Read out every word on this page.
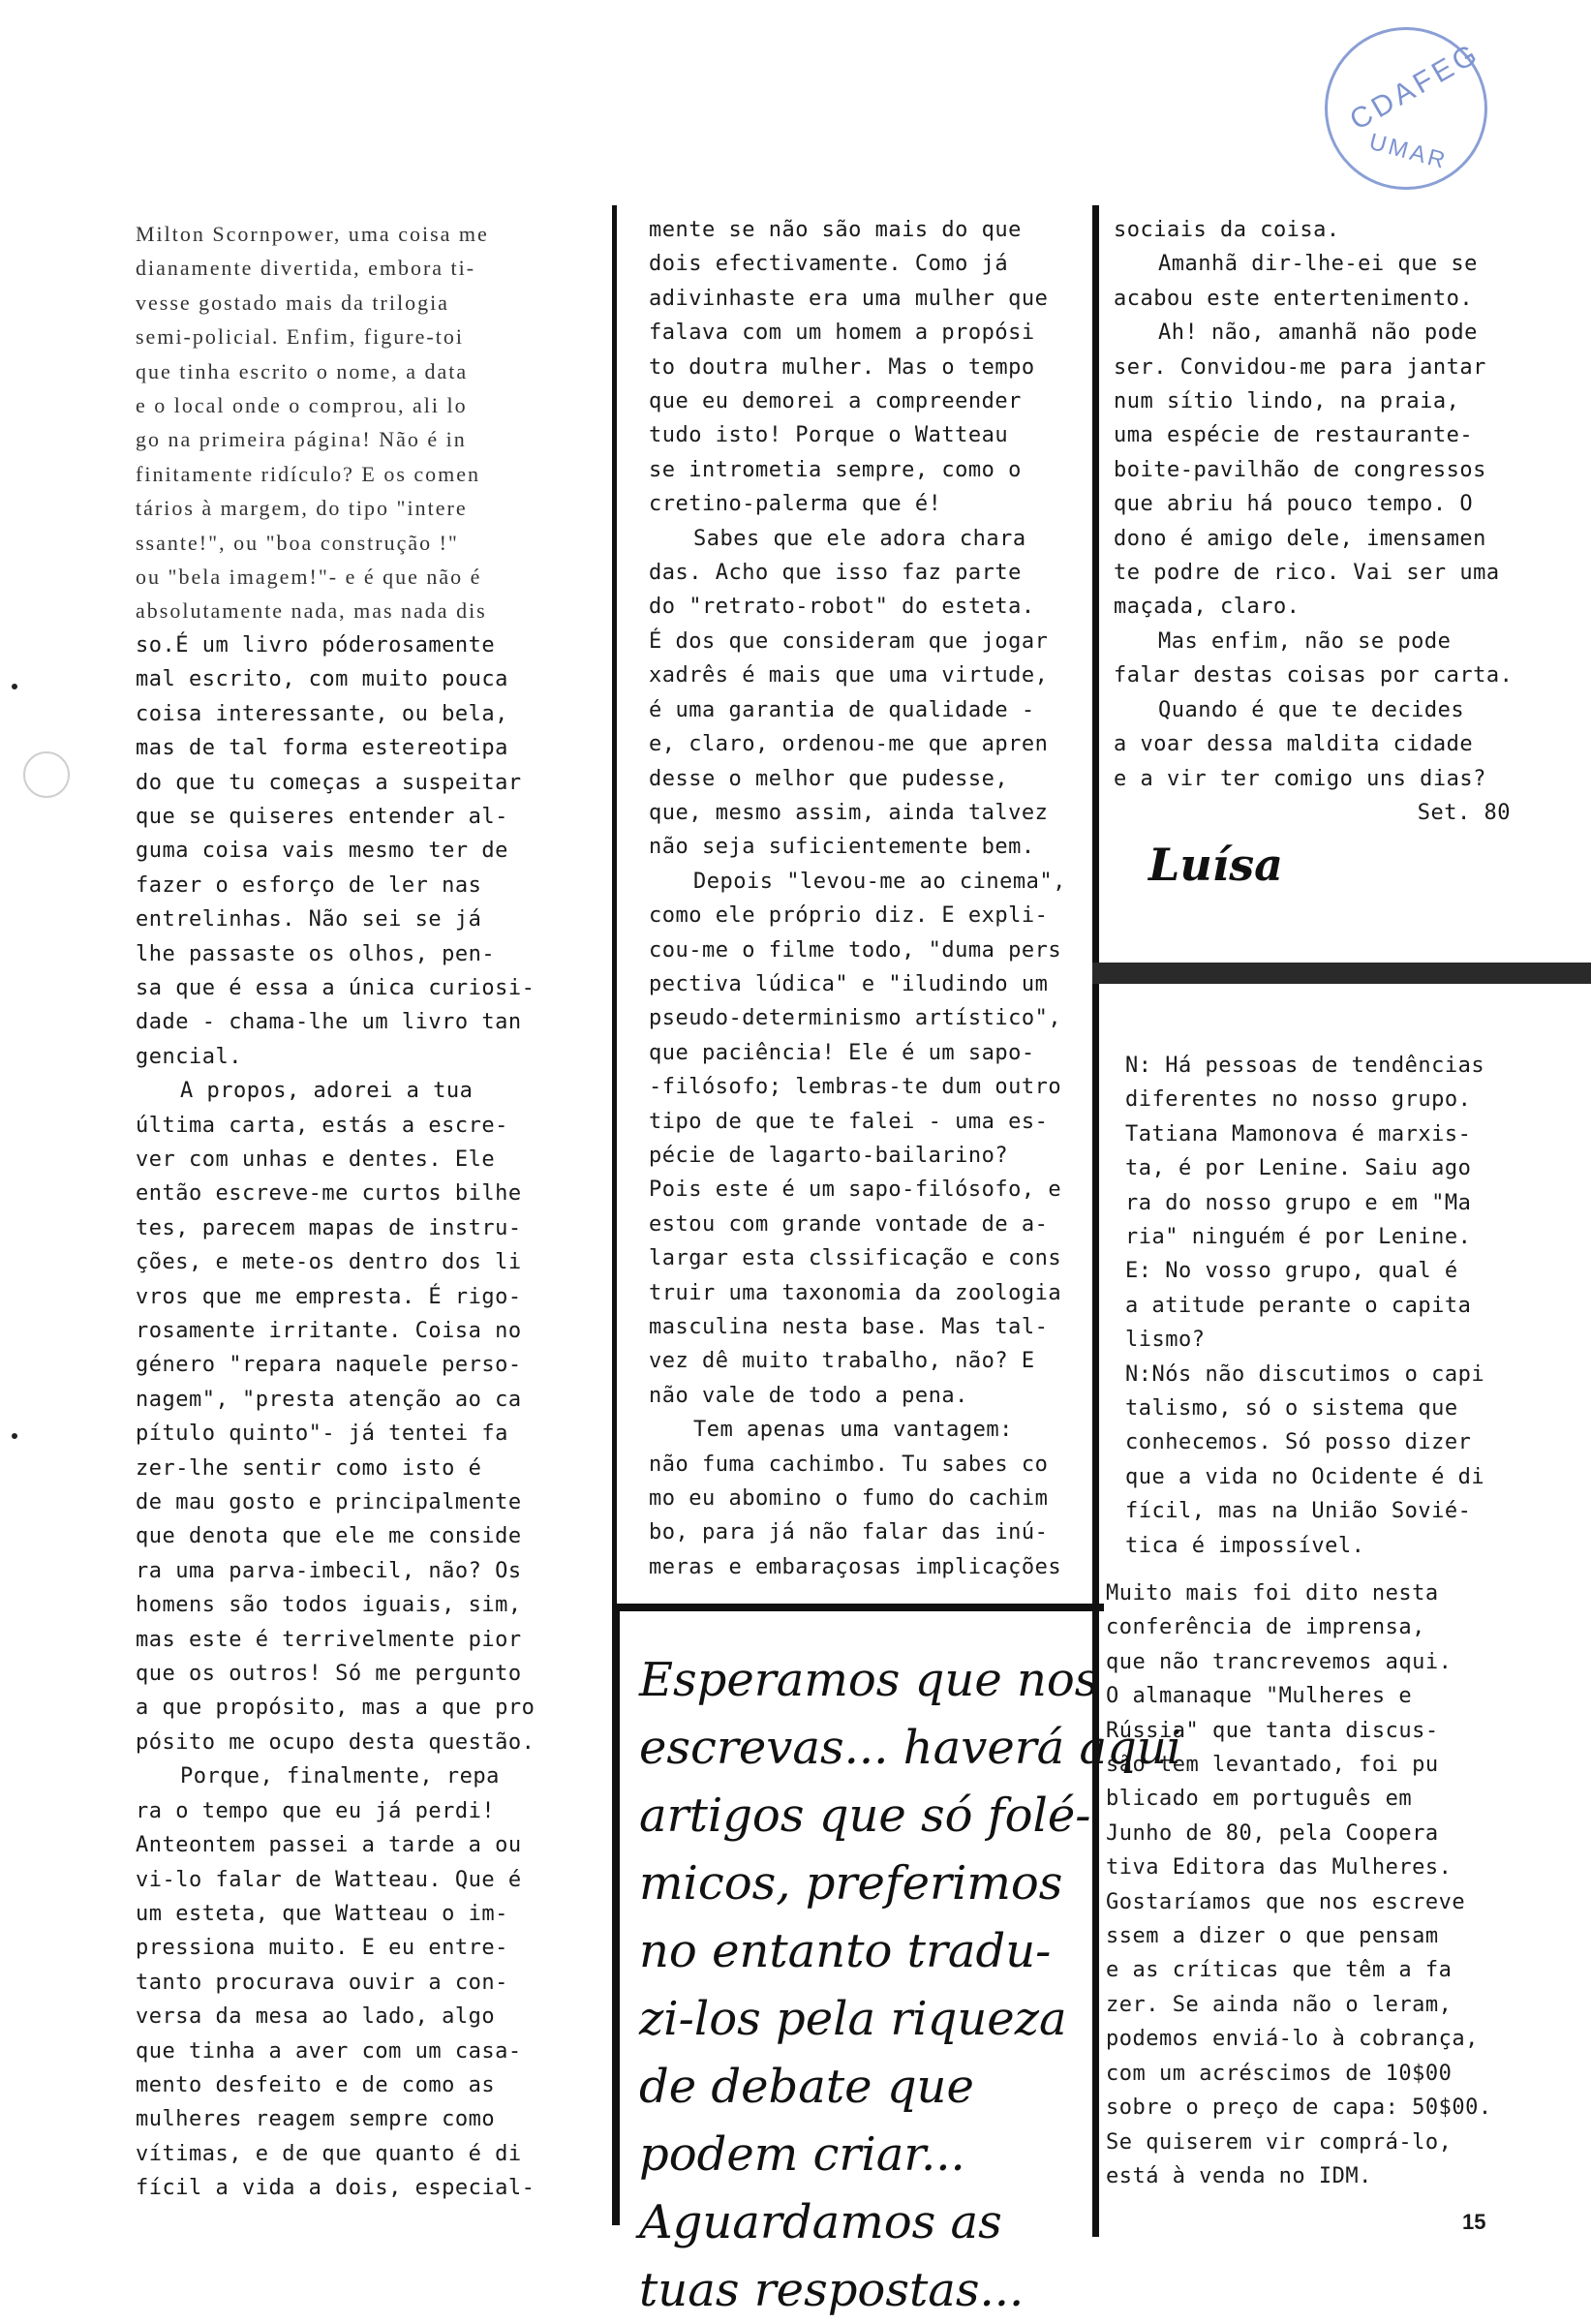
CDAFEG
UMAR
Milton Scornpower, uma coisa me
dianamente divertida, embora ti-
vesse gostado mais da trilogia
semi-policial. Enfim, figure-toi
que tinha escrito o nome, a data
e o local onde o comprou, ali lo
go na primeira página! Não é in
finitamente ridículo? E os comen
tários à margem, do tipo "intere
ssante!", ou "boa construção !"
ou "bela imagem!"- e é que não é
absolutamente nada, mas nada dis
so.É um livro póderosamente
mal escrito, com muito pouca
coisa interessante, ou bela,
mas de tal forma estereotipa
do que tu começas a suspeitar
que se quiseres entender al-
guma coisa vais mesmo ter de
fazer o esforço de ler nas
entrelinhas. Não sei se já
lhe passaste os olhos, pen-
sa que é essa a única curiosi-
dade - chama-lhe um livro tan
gencial.
A propos, adorei a tua
última carta, estás a escre-
ver com unhas e dentes. Ele
então escreve-me curtos bilhe
tes, parecem mapas de instru-
ções, e mete-os dentro dos li
vros que me empresta. É rigo-
rosamente irritante. Coisa no
género "repara naquele perso-
nagem", "presta atenção ao ca
pítulo quinto"- já tentei fa
zer-lhe sentir como isto é
de mau gosto e principalmente
que denota que ele me conside
ra uma parva-imbecil, não? Os
homens são todos iguais, sim,
mas este é terrivelmente pior
que os outros! Só me pergunto
a que propósito, mas a que pro
pósito me ocupo desta questão.
Porque, finalmente, repa
ra o tempo que eu já perdi!
Anteontem passei a tarde a ou
vi-lo falar de Watteau. Que é
um esteta, que Watteau o im-
pressiona muito. E eu entre-
tanto procurava ouvir a con-
versa da mesa ao lado, algo
que tinha a aver com um casa-
mento desfeito e de como as
mulheres reagem sempre como
vítimas, e de que quanto é di
fícil a vida a dois, especial-
mente se não são mais do que
dois efectivamente. Como já
adivinhaste era uma mulher que
falava com um homem a propósi
to doutra mulher. Mas o tempo
que eu demorei a compreender
tudo isto! Porque o Watteau
se intrometia sempre, como o
cretino-palerma que é!
Sabes que ele adora chara
das. Acho que isso faz parte
do "retrato-robot" do esteta.
É dos que consideram que jogar
xadrês é mais que uma virtude,
é uma garantia de qualidade -
e, claro, ordenou-me que apren
desse o melhor que pudesse,
que, mesmo assim, ainda talvez
não seja suficientemente bem.
Depois "levou-me ao cinema",
como ele próprio diz. E expli-
cou-me o filme todo, "duma pers
pectiva lúdica" e "iludindo um
pseudo-determinismo artístico",
que paciência! Ele é um sapo-
-filósofo; lembras-te dum outro
tipo de que te falei - uma es-
pécie de lagarto-bailarino?
Pois este é um sapo-filósofo, e
estou com grande vontade de a-
largar esta clssificação e cons
truir uma taxonomia da zoologia
masculina nesta base. Mas tal-
vez dê muito trabalho, não? E
não vale de todo a pena.
Tem apenas uma vantagem:
não fuma cachimbo. Tu sabes co
mo eu abomino o fumo do cachim
bo, para já não falar das inú-
meras e embaraçosas implicações
sociais da coisa.
Amanhã dir-lhe-ei que se
acabou este entertenimento.
Ah! não, amanhã não pode
ser. Convidou-me para jantar
num sítio lindo, na praia,
uma espécie de restaurante-
boite-pavilhão de congressos
que abriu há pouco tempo. O
dono é amigo dele, imensamen
te podre de rico. Vai ser uma
maçada, claro.
Mas enfim, não se pode
falar destas coisas por carta.
Quando é que te decides
a voar dessa maldita cidade
e a vir ter comigo uns dias?
Set. 80
Luísa
N: Há pessoas de tendências
diferentes no nosso grupo.
Tatiana Mamonova é marxis-
ta, é por Lenine. Saiu ago
ra do nosso grupo e em "Ma
ria" ninguém é por Lenine.
E: No vosso grupo, qual é
a atitude perante o capita
lismo?
N:Nós não discutimos o capi
talismo, só o sistema que
conhecemos. Só posso dizer
que a vida no Ocidente é di
fícil, mas na União Sovié-
tica é impossível.
Muito mais foi dito nesta
conferência de imprensa,
que não trancrevemos aqui.
O almanaque "Mulheres e
Rússia" que tanta discus-
são tem levantado, foi pu
blicado em português em
Junho de 80, pela Coopera
tiva Editora das Mulheres.
Gostaríamos que nos escreve
ssem a dizer o que pensam
e as críticas que têm a fa
zer. Se ainda não o leram,
podemos enviá-lo à cobrança,
com um acréscimos de 10$00
sobre o preço de capa: 50$00.
Se quiserem vir comprá-lo,
está à venda no IDM.
Esperamos que nos
escrevas... haverá aqui
artigos que só folé-
micos, preferimos
no entanto tradu-
zi-los pela riqueza
de debate que
podem criar...
Aguardamos as
tuas respostas...
15
